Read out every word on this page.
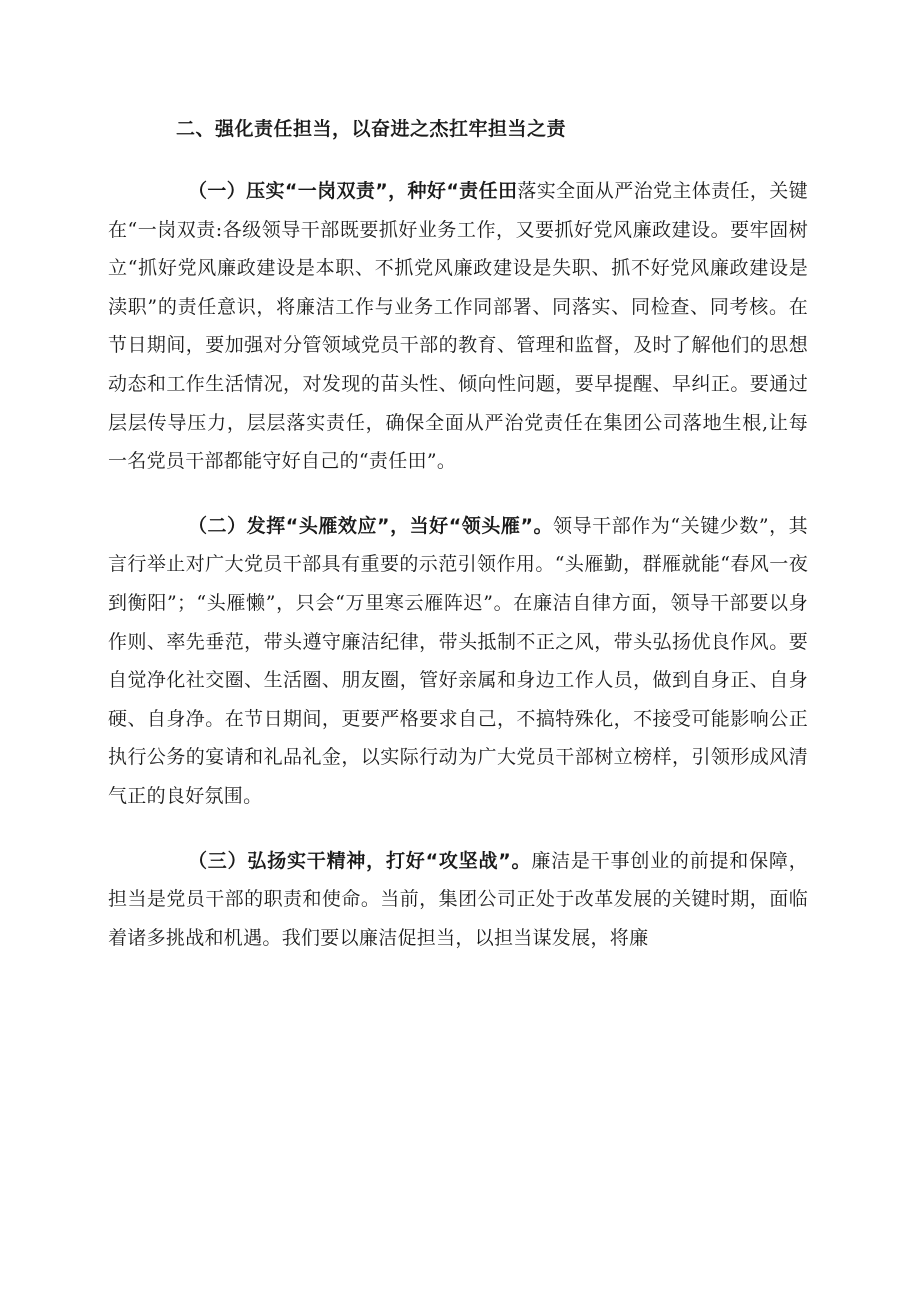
二、强化责任担当，以奋进之杰扛牢担当之责

（一）压实“一岗双责”，种好“责任田落实全面从严治党主体责任，关键在“一岗双责:各级领导干部既要抓好业务工作，又要抓好党风廉政建设。要牢固树立“抓好党风廉政建设是本职、不抓党风廉政建设是失职、抓不好党风廉政建设是渎职”的责任意识，将廉洁工作与业务工作同部署、同落实、同检查、同考核。在节日期间，要加强对分管领域党员干部的教育、管理和监督，及时了解他们的思想动态和工作生活情况，对发现的苗头性、倾向性问题，要早提醒、早纠正。要通过层层传导压力，层层落实责任，确保全面从严治党责任在集团公司落地生根,让每一名党员干部都能守好自己的“责任田”。

（二）发挥“头雁效应”，当好“领头雁”。领导干部作为“关键少数”，其言行举止对广大党员干部具有重要的示范引领作用。“头雁勤，群雁就能“春风一夜到衡阳”；“头雁懒”，只会“万里寒云雁阵迟”。在廉洁自律方面，领导干部要以身作则、率先垂范，带头遵守廉洁纪律，带头抵制不正之风，带头弘扬优良作风。要自觉净化社交圈、生活圈、朋友圈，管好亲属和身边工作人员，做到自身正、自身硬、自身净。在节日期间，更要严格要求自己，不搞特殊化，不接受可能影响公正执行公务的宴请和礼品礼金，以实际行动为广大党员干部树立榜样，引领形成风清气正的良好氛围。

（三）弘扬实干精神，打好“攻坚战”。廉洁是干事创业的前提和保障，担当是党员干部的职责和使命。当前，集团公司正处于改革发展的关键时期，面临着诸多挑战和机遇。我们要以廉洁促担当，以担当谋发展，将廉
